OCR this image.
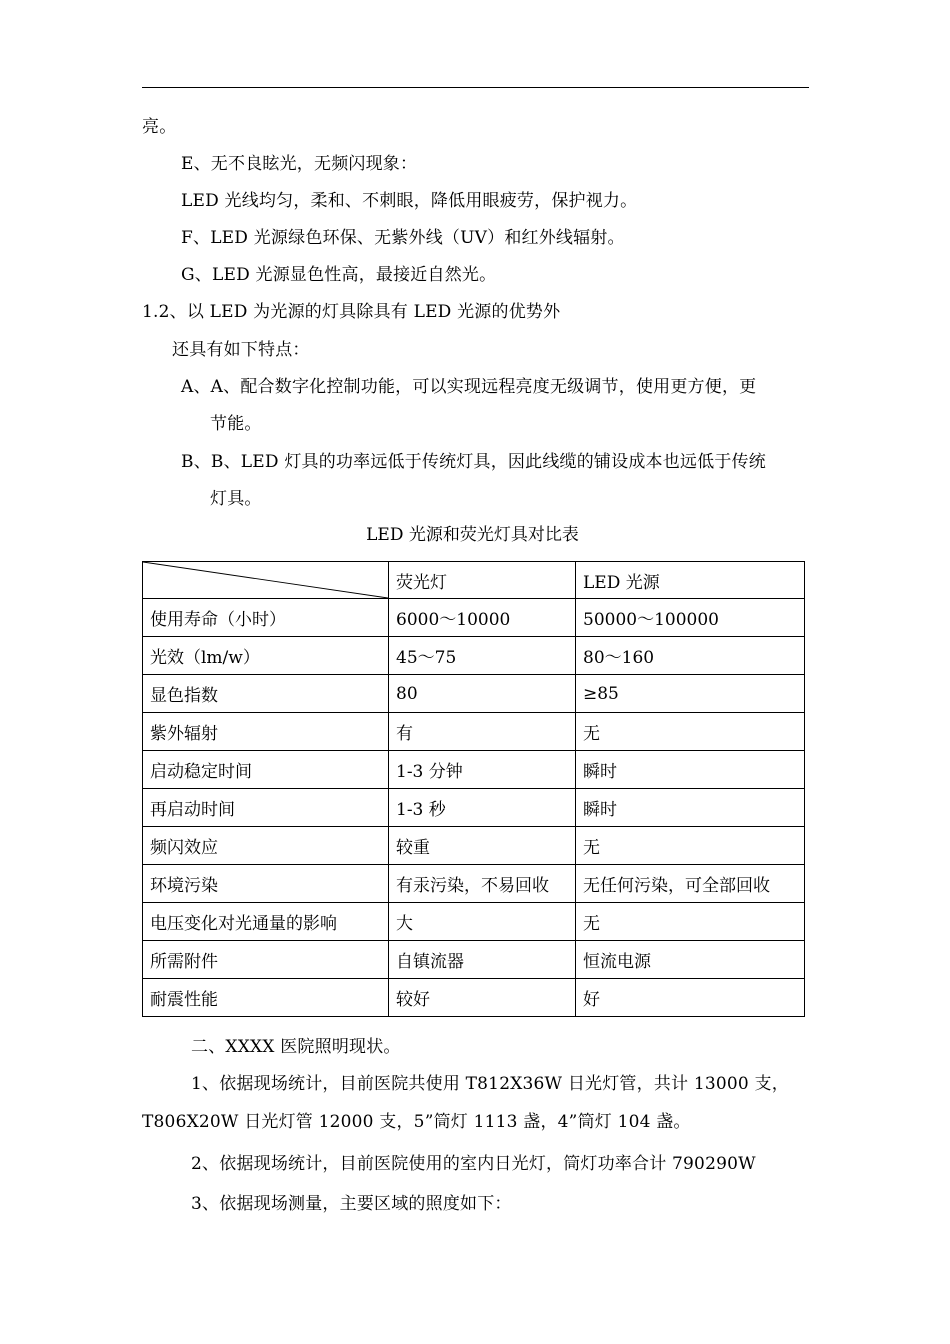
亮。
E、无不良眩光，无频闪现象：
LED 光线均匀，柔和、不刺眼，降低用眼疲劳，保护视力。
F、LED 光源绿色环保、无紫外线（UV）和红外线辐射。
G、LED 光源显色性高，最接近自然光。
1.2、以 LED 为光源的灯具除具有 LED 光源的优势外
还具有如下特点：
A、A、配合数字化控制功能，可以实现远程亮度无级调节，使用更方便，更
节能。
B、B、LED 灯具的功率远低于传统灯具，因此线缆的铺设成本也远低于传统
灯具。
LED 光源和荧光灯具对比表
	荧光灯	LED 光源
使用寿命（小时）	6000～10000	50000～100000
光效（lm/w）	45～75	80～160
显色指数	80	≥85
紫外辐射	有	无
启动稳定时间	1-3 分钟	瞬时
再启动时间	1-3 秒	瞬时
频闪效应	较重	无
环境污染	有汞污染，不易回收	无任何污染，可全部回收
电压变化对光通量的影响	大	无
所需附件	自镇流器	恒流电源
耐震性能	较好	好
二、XXXX 医院照明现状。
1、依据现场统计，目前医院共使用 T812X36W 日光灯管，共计 13000 支，
T806X20W 日光灯管 12000 支，5”筒灯 1113 盏，4”筒灯 104 盏。
2、依据现场统计，目前医院使用的室内日光灯，筒灯功率合计 790290W
3、依据现场测量，主要区域的照度如下：
